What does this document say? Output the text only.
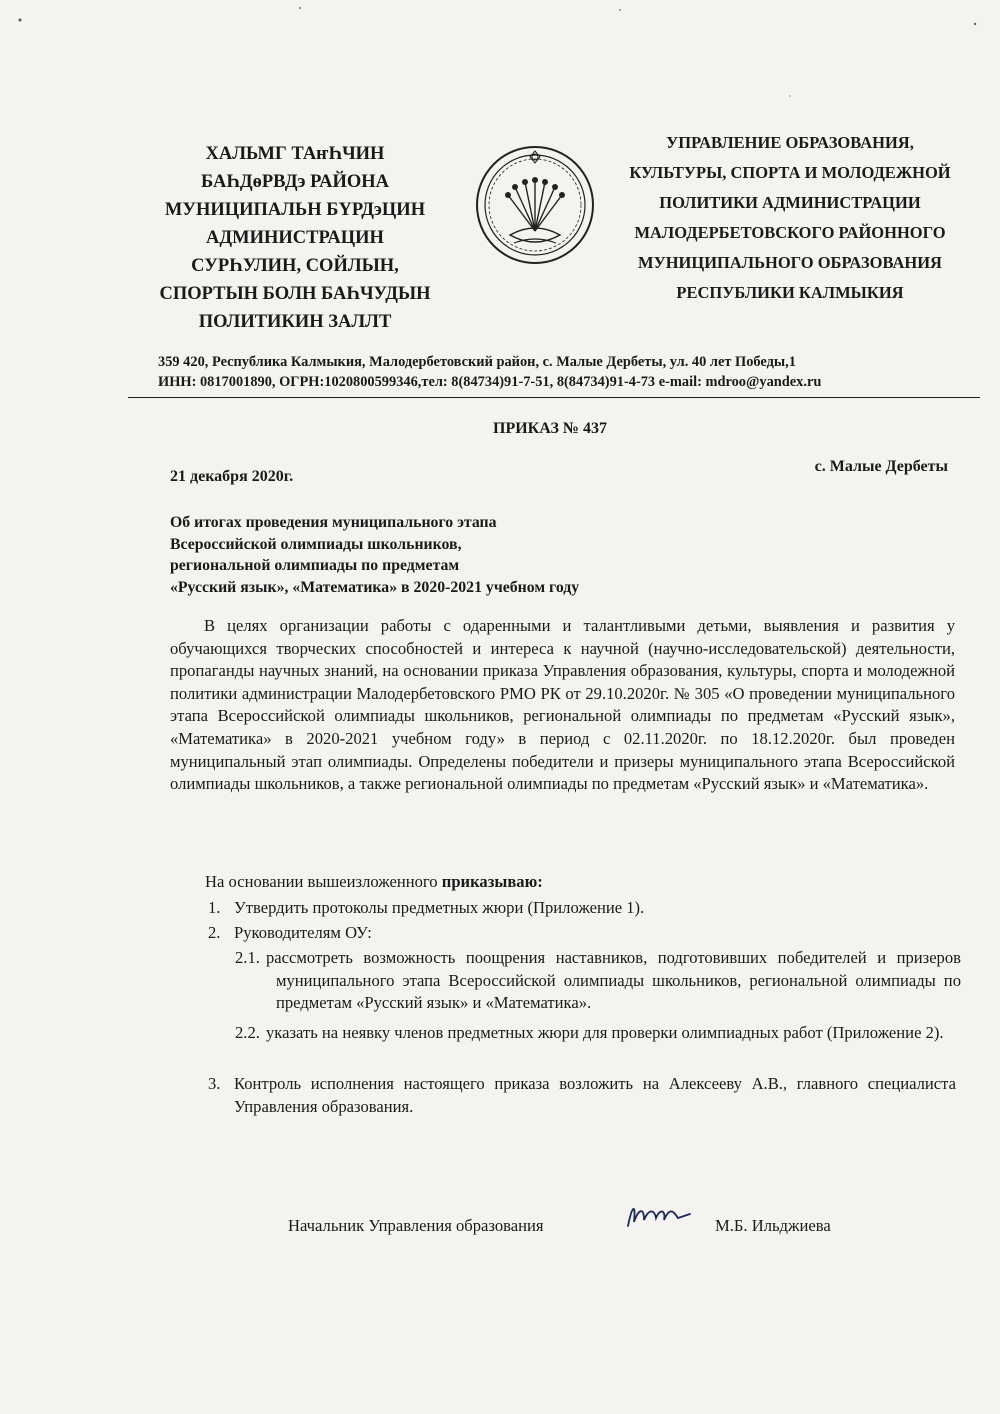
ХАЛЬМГ ТАҥҺЧИН
БАҺДѳРВДэ РАЙОНА
МУНИЦИПАЛЬН БҮРДэЦИН
АДМИНИСТРАЦИН
СУРҺУЛИН, СОЙЛЫН,
СПОРТЫН БОЛН БАҺЧУДЫН
ПОЛИТИКИН ЗАЛЛТ
УПРАВЛЕНИЕ ОБРАЗОВАНИЯ,
КУЛЬТУРЫ, СПОРТА И МОЛОДЕЖНОЙ
ПОЛИТИКИ АДМИНИСТРАЦИИ
МАЛОДЕРБЕТОВСКОГО РАЙОННОГО
МУНИЦИПАЛЬНОГО ОБРАЗОВАНИЯ
РЕСПУБЛИКИ КАЛМЫКИЯ
359 420, Республика Калмыкия, Малодербетовский район, с. Малые Дербеты, ул. 40 лет Победы,1
ИНН: 0817001890, ОГРН:1020800599346,тел: 8(84734)91-7-51, 8(84734)91-4-73 e-mail: mdroo@yandex.ru
ПРИКАЗ № 437
21 декабря 2020г.
с. Малые Дербеты
Об итогах проведения муниципального этапа
Всероссийской олимпиады школьников,
региональной олимпиады по предметам
«Русский язык», «Математика» в 2020-2021 учебном году
В целях организации работы с одаренными и талантливыми детьми, выявления и развития у обучающихся творческих способностей и интереса к научной (научно-исследовательской) деятельности, пропаганды научных знаний, на основании приказа Управления образования, культуры, спорта и молодежной политики администрации Малодербетовского РМО РК от 29.10.2020г. № 305 «О проведении муниципального этапа Всероссийской олимпиады школьников, региональной олимпиады по предметам «Русский язык», «Математика» в 2020-2021 учебном году» в период с 02.11.2020г. по 18.12.2020г. был проведен муниципальный этап олимпиады. Определены победители и призеры муниципального этапа Всероссийской олимпиады школьников, а также региональной олимпиады по предметам «Русский язык» и «Математика».
На основании вышеизложенного приказываю:
1. Утвердить протоколы предметных жюри (Приложение 1).
2. Руководителям ОУ:
2.1. рассмотреть возможность поощрения наставников, подготовивших победителей и призеров муниципального этапа Всероссийской олимпиады школьников, региональной олимпиады по предметам «Русский язык» и «Математика».
2.2. указать на неявку членов предметных жюри для проверки олимпиадных работ (Приложение 2).
3. Контроль исполнения настоящего приказа возложить на Алексееву А.В., главного специалиста Управления образования.
Начальник Управления образования	М.Б. Ильджиева
